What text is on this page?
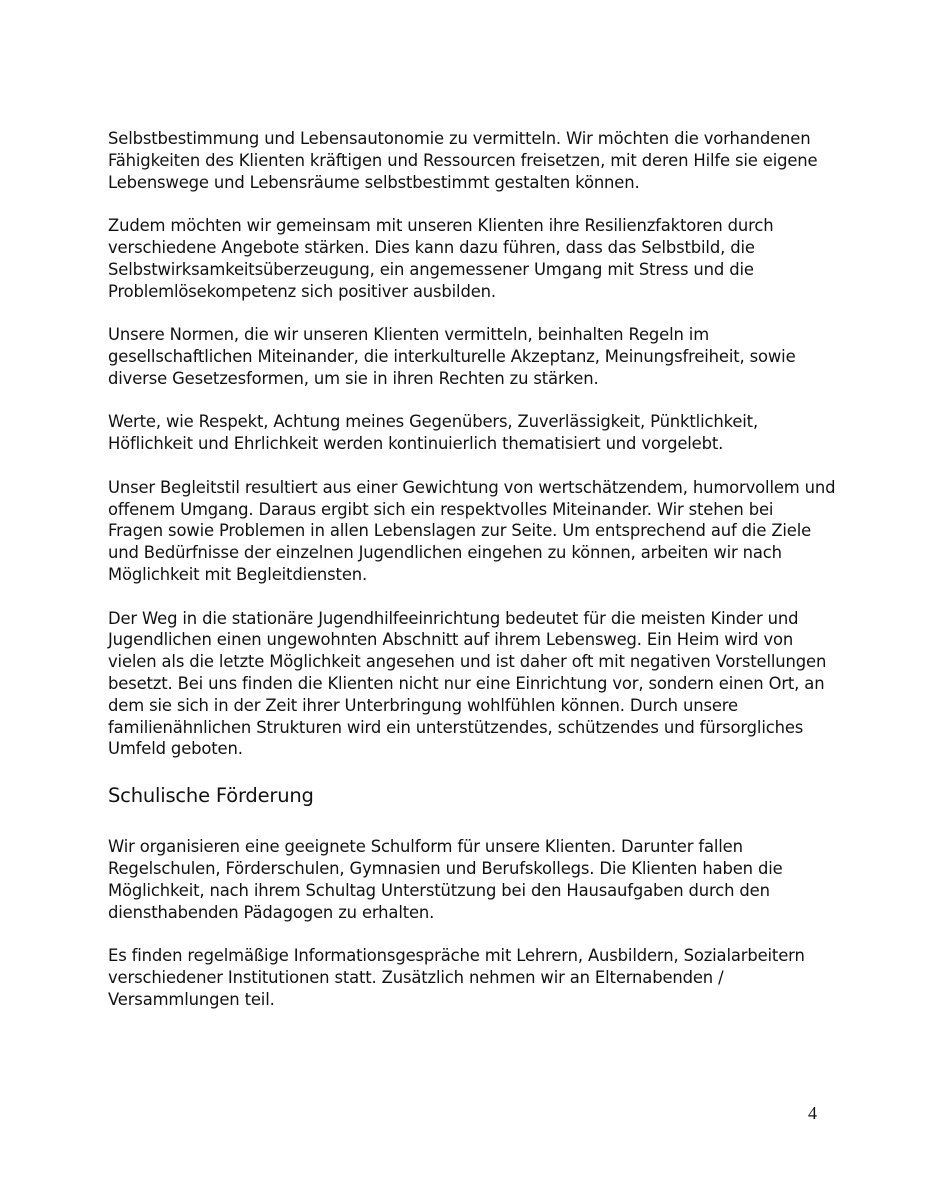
Selbstbestimmung und Lebensautonomie zu vermitteln. Wir möchten die vorhandenen
Fähigkeiten des Klienten kräftigen und Ressourcen freisetzen, mit deren Hilfe sie eigene
Lebenswege und Lebensräume selbstbestimmt gestalten können.

Zudem möchten wir gemeinsam mit unseren Klienten ihre Resilienzfaktoren durch
verschiedene Angebote stärken. Dies kann dazu führen, dass das Selbstbild, die
Selbstwirksamkeitsüberzeugung, ein angemessener Umgang mit Stress und die
Problemlösekompetenz sich positiver ausbilden.

Unsere Normen, die wir unseren Klienten vermitteln, beinhalten Regeln im
gesellschaftlichen Miteinander, die interkulturelle Akzeptanz, Meinungsfreiheit, sowie
diverse Gesetzesformen, um sie in ihren Rechten zu stärken.

Werte, wie Respekt, Achtung meines Gegenübers, Zuverlässigkeit, Pünktlichkeit,
Höflichkeit und Ehrlichkeit werden kontinuierlich thematisiert und vorgelebt.

Unser Begleitstil resultiert aus einer Gewichtung von wertschätzendem, humorvollem und
offenem Umgang. Daraus ergibt sich ein respektvolles Miteinander. Wir stehen bei
Fragen sowie Problemen in allen Lebenslagen zur Seite. Um entsprechend auf die Ziele
und Bedürfnisse der einzelnen Jugendlichen eingehen zu können, arbeiten wir nach
Möglichkeit mit Begleitdiensten.

Der Weg in die stationäre Jugendhilfeeinrichtung bedeutet für die meisten Kinder und
Jugendlichen einen ungewohnten Abschnitt auf ihrem Lebensweg. Ein Heim wird von
vielen als die letzte Möglichkeit angesehen und ist daher oft mit negativen Vorstellungen
besetzt. Bei uns finden die Klienten nicht nur eine Einrichtung vor, sondern einen Ort, an
dem sie sich in der Zeit ihrer Unterbringung wohlfühlen können. Durch unsere
familienähnlichen Strukturen wird ein unterstützendes, schützendes und fürsorgliches
Umfeld geboten.

Schulische Förderung

Wir organisieren eine geeignete Schulform für unsere Klienten. Darunter fallen
Regelschulen, Förderschulen, Gymnasien und Berufskollegs. Die Klienten haben die
Möglichkeit, nach ihrem Schultag Unterstützung bei den Hausaufgaben durch den
diensthabenden Pädagogen zu erhalten.

Es finden regelmäßige Informationsgespräche mit Lehrern, Ausbildern, Sozialarbeitern
verschiedener Institutionen statt. Zusätzlich nehmen wir an Elternabenden /
Versammlungen teil.

4
